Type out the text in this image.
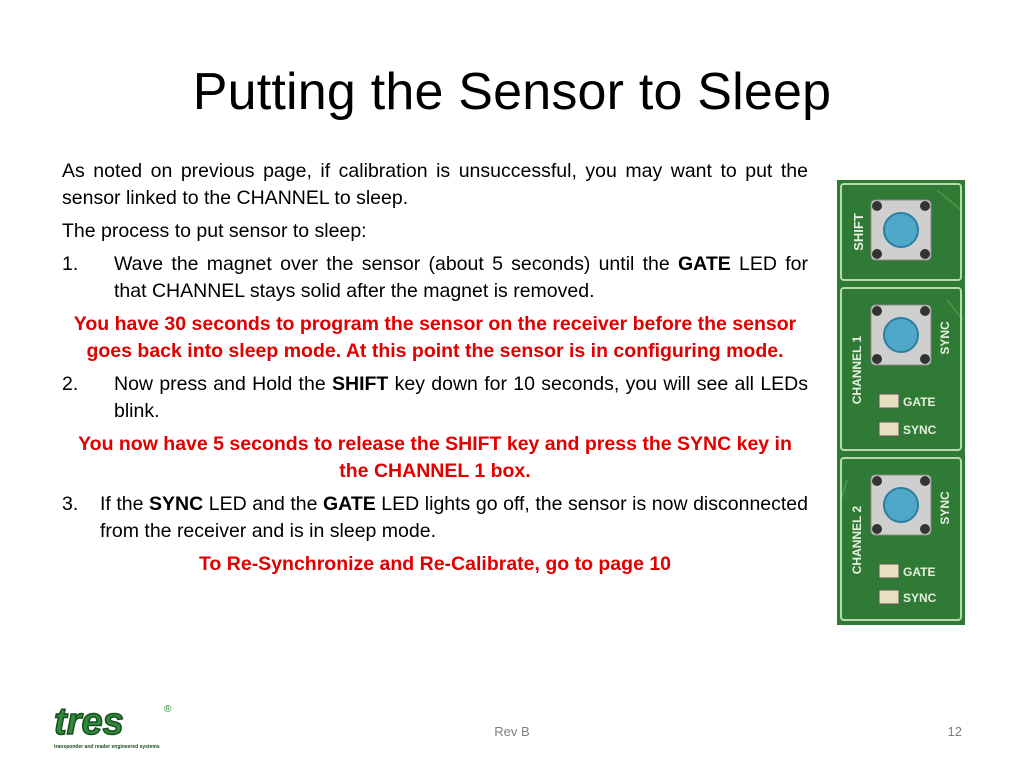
Putting the Sensor to Sleep

As noted on previous page, if calibration is unsuccessful, you may want to put the sensor linked to the CHANNEL to sleep.

The process to put sensor to sleep:

1.	Wave the magnet over the sensor (about 5 seconds) until the GATE LED for that CHANNEL stays solid after the magnet is removed.

You have 30 seconds to program the sensor on the receiver before the sensor goes back into sleep mode. At this point the sensor is in configuring mode.

2.	Now press and Hold the SHIFT key down for 10 seconds, you will see all LEDs blink.

You now have 5 seconds to release the SHIFT key and press the SYNC key in the CHANNEL 1 box.

3.	If the SYNC LED and the GATE LED lights go off, the sensor is now disconnected from the receiver and is in sleep mode.

To Re-Synchronize and Re-Calibrate, go to page 10

SHIFT
CHANNEL 1	SYNC
GATE
SYNC
CHANNEL 2	SYNC
GATE
SYNC
tres	®
transponder and reader engineered systems
Rev B	12
